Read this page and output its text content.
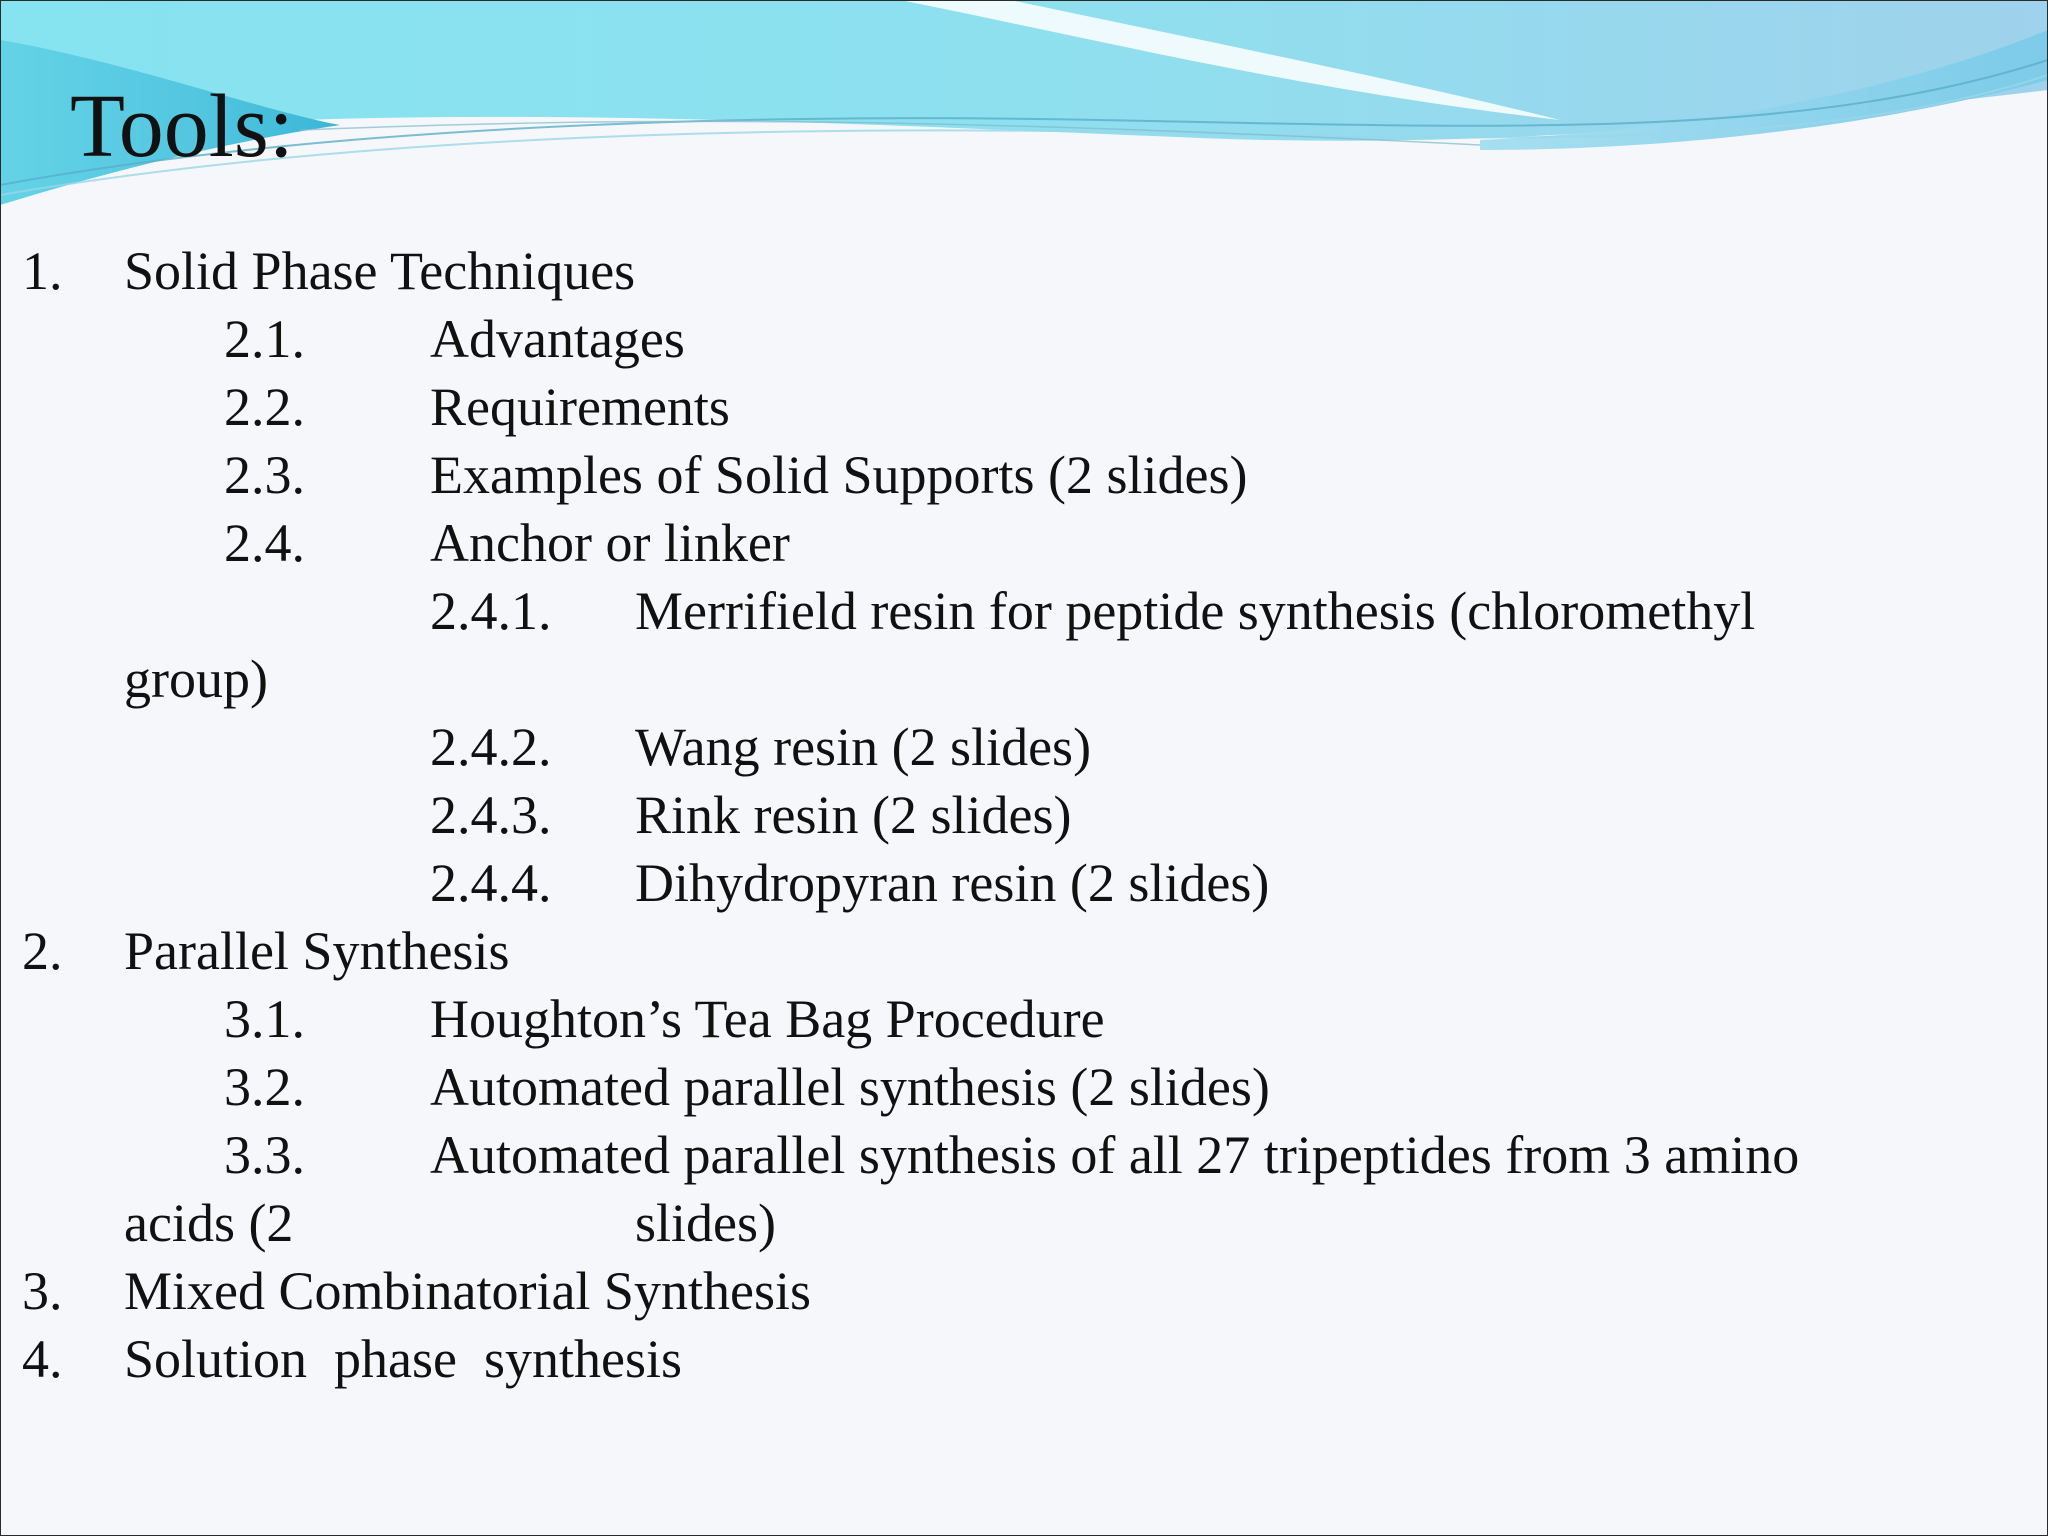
Tools:
1. Solid Phase Techniques
2.1. Advantages
2.2. Requirements
2.3. Examples of Solid Supports (2 slides)
2.4. Anchor or linker
2.4.1. Merrifield resin for peptide synthesis (chloromethyl
group)
2.4.2. Wang resin (2 slides)
2.4.3. Rink resin (2 slides)
2.4.4. Dihydropyran resin (2 slides)
2. Parallel Synthesis
3.1. Houghton’s Tea Bag Procedure
3.2. Automated parallel synthesis (2 slides)
3.3. Automated parallel synthesis of all 27 tripeptides from 3 amino
acids (2	slides)
3. Mixed Combinatorial Synthesis
4. Solution  phase  synthesis
